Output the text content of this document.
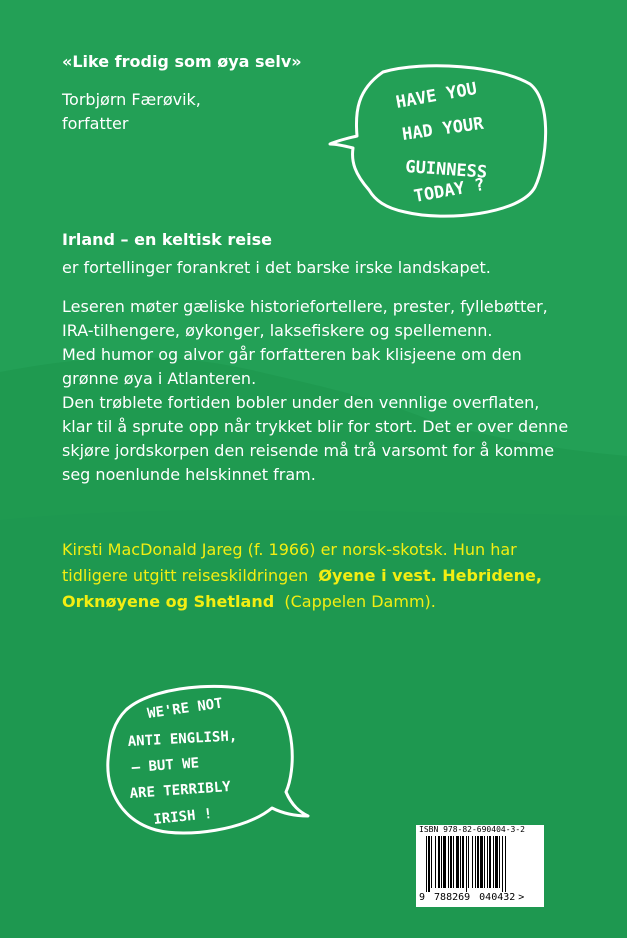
«Like frodig som øya selv»
Torbjørn Færøvik,
forfatter
HAVE YOU
HAD YOUR
GUINNESS
TODAY ?
Irland – en keltisk reise
er fortellinger forankret i det barske irske landskapet.
Leseren møter gæliske historiefortellere, prester, fyllebøtter,
IRA-tilhengere, øykonger, laksefiskere og spellemenn.
Med humor og alvor går forfatteren bak klisjeene om den
grønne øya i Atlanteren.
Den trøblete fortiden bobler under den vennlige overflaten,
klar til å sprute opp når trykket blir for stort. Det er over denne
skjøre jordskorpen den reisende må trå varsomt for å komme
seg noenlunde helskinnet fram.
Kirsti MacDonald Jareg (f. 1966) er norsk-skotsk. Hun har
tidligere utgitt reiseskildringen Øyene i vest. Hebridene,
Orknøyene og Shetland (Cappelen Damm).
WE'RE NOT
ANTI ENGLISH,
– BUT WE
ARE TERRIBLY
IRISH !
ISBN 978-82-690404-3-2
9 788269 040432 >
